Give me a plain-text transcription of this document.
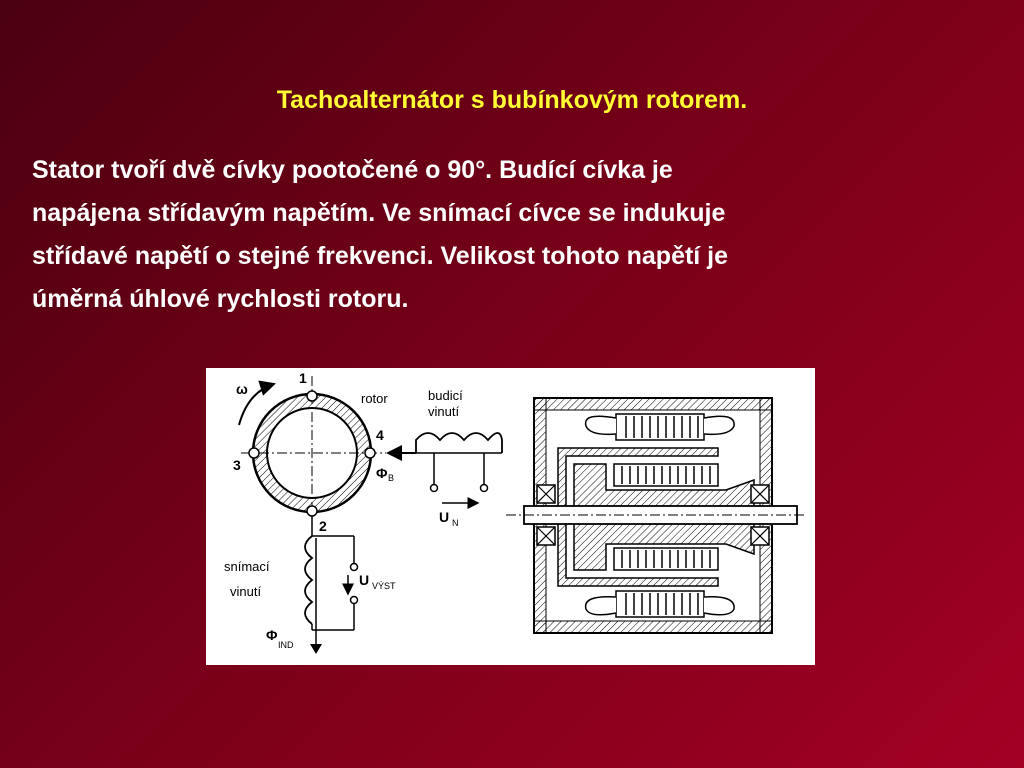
Tachoalternátor s bubínkovým rotorem.
Stator tvoří dvě cívky pootočené o 90°. Budící cívka je
napájena střídavým napětím. Ve snímací cívce se indukuje
střídavé napětí o stejné frekvenci. Velikost tohoto napětí je
úměrná úhlové rychlosti rotoru.
ω
1
2
3
4
rotor
Φ B
budicí
vinutí
U N
snímací
vinutí
U VÝST
Φ
IND
